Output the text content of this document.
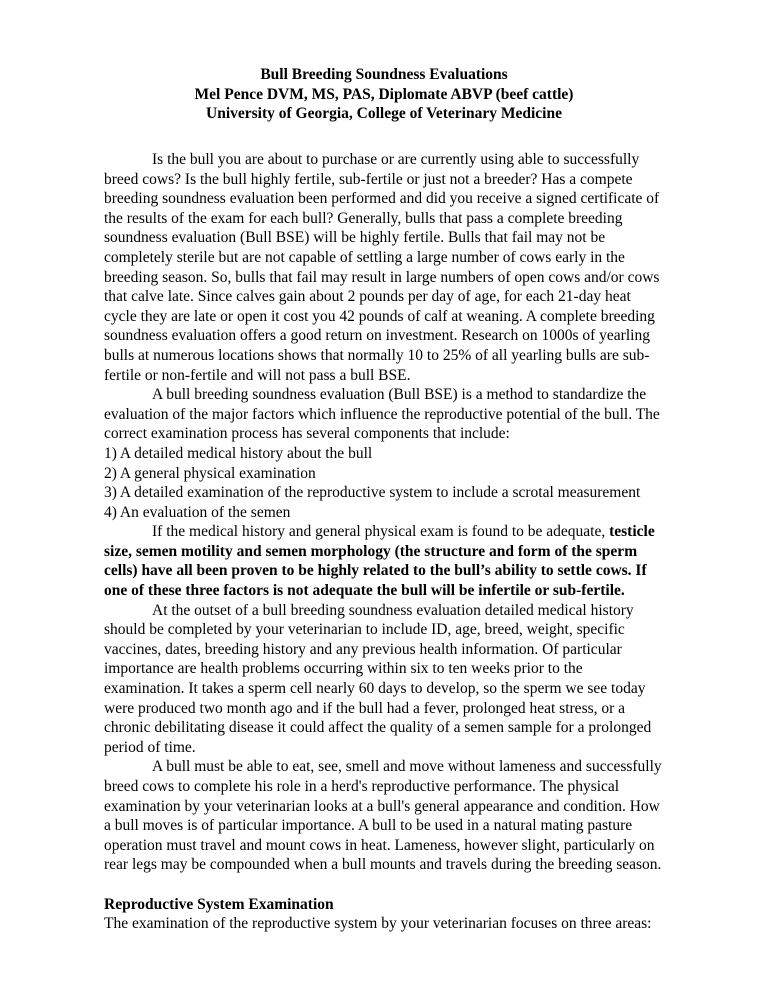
Bull Breeding Soundness Evaluations
Mel Pence DVM, MS, PAS, Diplomate ABVP (beef cattle)
University of Georgia, College of Veterinary Medicine

Is the bull you are about to purchase or are currently using able to successfully breed cows? Is the bull highly fertile, sub-fertile or just not a breeder? Has a compete breeding soundness evaluation been performed and did you receive a signed certificate of the results of the exam for each bull? Generally, bulls that pass a complete breeding soundness evaluation (Bull BSE) will be highly fertile. Bulls that fail may not be completely sterile but are not capable of settling a large number of cows early in the breeding season. So, bulls that fail may result in large numbers of open cows and/or cows that calve late. Since calves gain about 2 pounds per day of age, for each 21-day heat cycle they are late or open it cost you 42 pounds of calf at weaning. A complete breeding soundness evaluation offers a good return on investment. Research on 1000s of yearling bulls at numerous locations shows that normally 10 to 25% of all yearling bulls are sub-fertile or non-fertile and will not pass a bull BSE.

A bull breeding soundness evaluation (Bull BSE) is a method to standardize the evaluation of the major factors which influence the reproductive potential of the bull. The correct examination process has several components that include:

1) A detailed medical history about the bull

2) A general physical examination

3) A detailed examination of the reproductive system to include a scrotal measurement

4) An evaluation of the semen

If the medical history and general physical exam is found to be adequate, testicle size, semen motility and semen morphology (the structure and form of the sperm cells) have all been proven to be highly related to the bull’s ability to settle cows. If one of these three factors is not adequate the bull will be infertile or sub-fertile.

At the outset of a bull breeding soundness evaluation detailed medical history should be completed by your veterinarian to include ID, age, breed, weight, specific vaccines, dates, breeding history and any previous health information. Of particular importance are health problems occurring within six to ten weeks prior to the examination. It takes a sperm cell nearly 60 days to develop, so the sperm we see today were produced two month ago and if the bull had a fever, prolonged heat stress, or a chronic debilitating disease it could affect the quality of a semen sample for a prolonged period of time.

A bull must be able to eat, see, smell and move without lameness and successfully breed cows to complete his role in a herd's reproductive performance. The physical examination by your veterinarian looks at a bull's general appearance and condition. How a bull moves is of particular importance. A bull to be used in a natural mating pasture operation must travel and mount cows in heat. Lameness, however slight, particularly on rear legs may be compounded when a bull mounts and travels during the breeding season.

Reproductive System Examination

The examination of the reproductive system by your veterinarian focuses on three areas:
